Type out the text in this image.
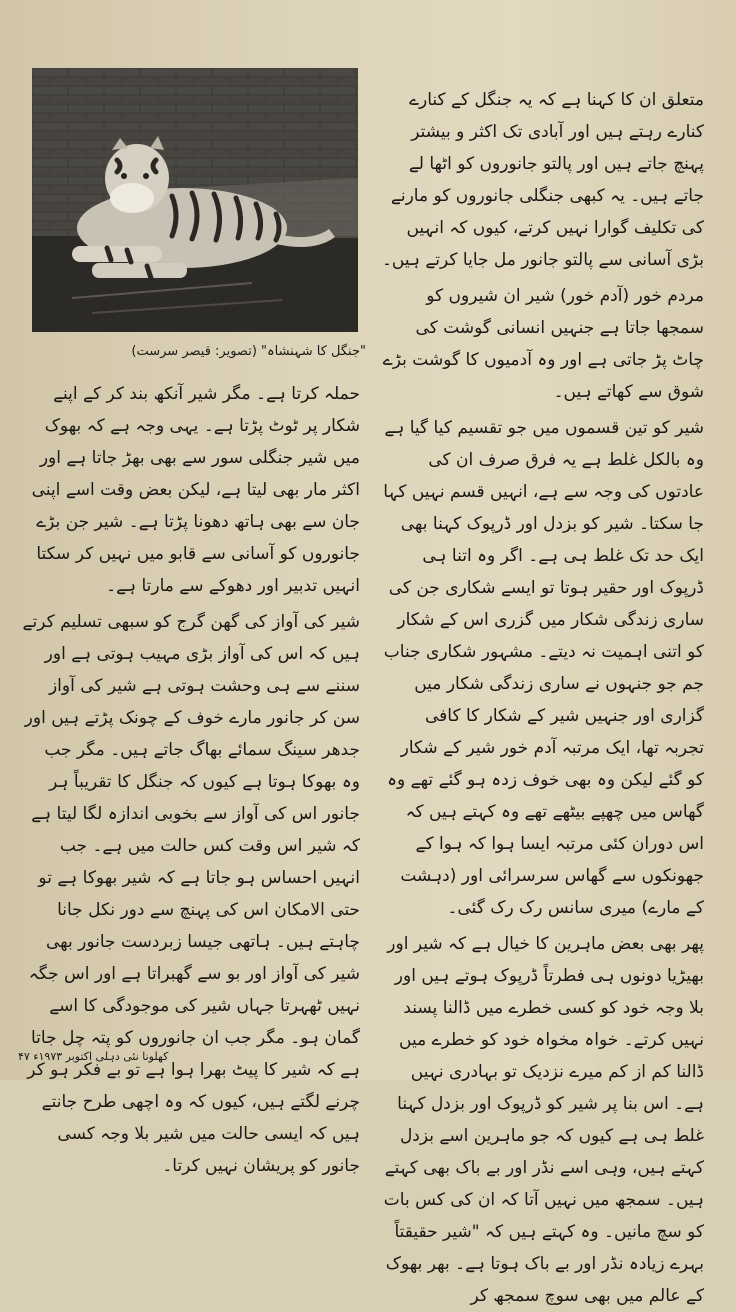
"جنگل کا شہنشاہ" (تصویر: قیصر سرست)

متعلق ان کا کہنا ہے کہ یہ جنگل کے کنارے کنارے رہتے ہیں اور آبادی تک اکثر و بیشتر پہنچ جاتے ہیں اور پالتو جانوروں کو اٹھا لے جاتے ہیں۔ یہ کبھی جنگلی جانوروں کو مارنے کی تکلیف گوارا نہیں کرتے، کیوں کہ انہیں بڑی آسانی سے پالتو جانور مل جایا کرتے ہیں۔

مردم خور (آدم خور) شیر ان شیروں کو سمجھا جاتا ہے جنہیں انسانی گوشت کی چاٹ پڑ جاتی ہے اور وہ آدمیوں کا گوشت بڑے شوق سے کھاتے ہیں۔

شیر کو تین قسموں میں جو تقسیم کیا گیا ہے وہ بالکل غلط ہے یہ فرق صرف ان کی عادتوں کی وجہ سے ہے، انہیں قسم نہیں کہا جا سکتا۔ شیر کو بزدل اور ڈرپوک کہنا بھی ایک حد تک غلط ہی ہے۔ اگر وہ اتنا ہی ڈرپوک اور حقیر ہوتا تو ایسے شکاری جن کی ساری زندگی شکار میں گزری اس کے شکار کو اتنی اہمیت نہ دیتے۔ مشہور شکاری جناب جم جو جنہوں نے ساری زندگی شکار میں گزاری اور جنہیں شیر کے شکار کا کافی تجربہ تھا، ایک مرتبہ آدم خور شیر کے شکار کو گئے لیکن وہ بھی خوف زدہ ہو گئے تھے وہ گھاس میں چھپے بیٹھے تھے وہ کہتے ہیں کہ اس دوران کئی مرتبہ ایسا ہوا کہ ہوا کے جھونکوں سے گھاس سرسرائی اور (دہشت کے مارے) میری سانس رک رک گئی۔

پھر بھی بعض ماہرین کا خیال ہے کہ شیر اور بھیڑیا دونوں ہی فطرتاً ڈرپوک ہوتے ہیں اور بلا وجہ خود کو کسی خطرے میں ڈالنا پسند نہیں کرتے۔ خواہ مخواہ خود کو خطرے میں ڈالنا کم از کم میرے نزدیک تو بہادری نہیں ہے۔ اس بنا پر شیر کو ڈرپوک اور بزدل کہنا غلط ہی ہے کیوں کہ جو ماہرین اسے بزدل کہتے ہیں، وہی اسے نڈر اور بے باک بھی کہتے ہیں۔ سمجھ میں نہیں آتا کہ ان کی کس بات کو سچ مانیں۔ وہ کہتے ہیں کہ "شیر حقیقتاً بہرے زیادہ نڈر اور بے باک ہوتا ہے۔ بھر بھوک کے عالم میں بھی سوچ سمجھ کر

حملہ کرتا ہے۔ مگر شیر آنکھ بند کر کے اپنے شکار پر ٹوٹ پڑتا ہے۔ یہی وجہ ہے کہ بھوک میں شیر جنگلی سور سے بھی بھڑ جاتا ہے اور اکثر مار بھی لیتا ہے، لیکن بعض وقت اسے اپنی جان سے بھی ہاتھ دھونا پڑتا ہے۔ شیر جن بڑے جانوروں کو آسانی سے قابو میں نہیں کر سکتا انہیں تدبیر اور دھوکے سے مارتا ہے۔

شیر کی آواز کی گھن گرج کو سبھی تسلیم کرتے ہیں کہ اس کی آواز بڑی مہیب ہوتی ہے اور سننے سے ہی وحشت ہوتی ہے شیر کی آواز سن کر جانور مارے خوف کے چونک پڑتے ہیں اور جدھر سینگ سمائے بھاگ جاتے ہیں۔ مگر جب وہ بھوکا ہوتا ہے کیوں کہ جنگل کا تقریباً ہر جانور اس کی آواز سے بخوبی اندازہ لگا لیتا ہے کہ شیر اس وقت کس حالت میں ہے۔ جب انہیں احساس ہو جاتا ہے کہ شیر بھوکا ہے تو حتی الامکان اس کی پہنچ سے دور نکل جانا چاہتے ہیں۔ ہاتھی جیسا زبردست جانور بھی شیر کی آواز اور بو سے گھبراتا ہے اور اس جگہ نہیں ٹھہرتا جہاں شیر کی موجودگی کا اسے گمان ہو۔ مگر جب ان جانوروں کو پتہ چل جاتا ہے کہ شیر کا پیٹ بھرا ہوا ہے تو بے فکر ہو کر چرنے لگتے ہیں، کیوں کہ وہ اچھی طرح جانتے ہیں کہ ایسی حالت میں شیر بلا وجہ کسی جانور کو پریشان نہیں کرتا۔

کھلونا نئی دہلی اکتوبر ۱۹۷۳ء ۴۷
